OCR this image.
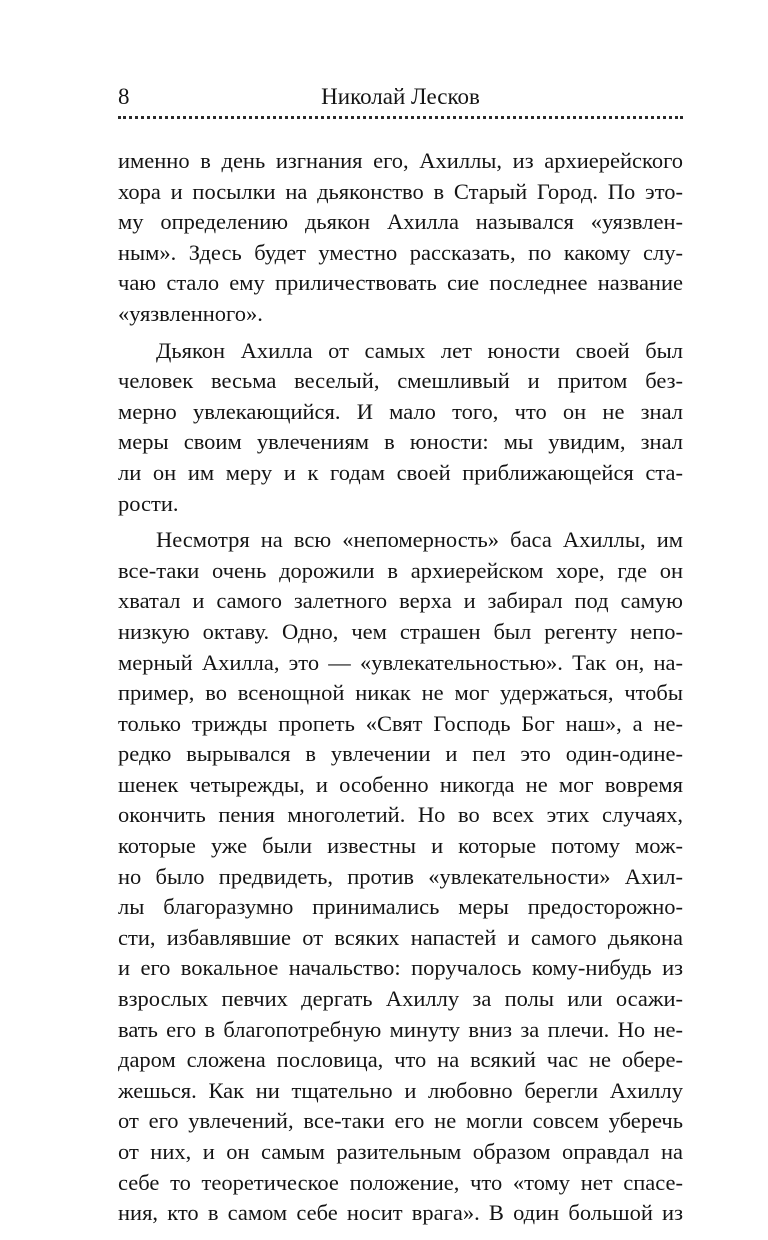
8	Николай Лесков
именно в день изгнания его, Ахиллы, из архиерейского
хора и посылки на дьяконство в Старый Город. По это-
му определению дьякон Ахилла назывался «уязвлен-
ным». Здесь будет уместно рассказать, по какому слу-
чаю стало ему приличествовать сие последнее название
«уязвленного».
Дьякон Ахилла от самых лет юности своей был
человек весьма веселый, смешливый и притом без-
мерно увлекающийся. И мало того, что он не знал
меры своим увлечениям в юности: мы увидим, знал
ли он им меру и к годам своей приближающейся ста-
рости.
Несмотря на всю «непомерность» баса Ахиллы, им
все-таки очень дорожили в архиерейском хоре, где он
хватал и самого залетного верха и забирал под самую
низкую октаву. Одно, чем страшен был регенту непо-
мерный Ахилла, это — «увлекательностью». Так он, на-
пример, во всенощной никак не мог удержаться, чтобы
только трижды пропеть «Свят Господь Бог наш», а не-
редко вырывался в увлечении и пел это один-одине-
шенек четырежды, и особенно никогда не мог вовремя
окончить пения многолетий. Но во всех этих случаях,
которые уже были известны и которые потому мож-
но было предвидеть, против «увлекательности» Ахил-
лы благоразумно принимались меры предосторожно-
сти, избавлявшие от всяких напастей и самого дьякона
и его вокальное начальство: поручалось кому-нибудь из
взрослых певчих дергать Ахиллу за полы или осажи-
вать его в благопотребную минуту вниз за плечи. Но не-
даром сложена пословица, что на всякий час не обере-
жешься. Как ни тщательно и любовно берегли Ахиллу
от его увлечений, все-таки его не могли совсем уберечь
от них, и он самым разительным образом оправдал на
себе то теоретическое положение, что «тому нет спасе-
ния, кто в самом себе носит врага». В один большой из
